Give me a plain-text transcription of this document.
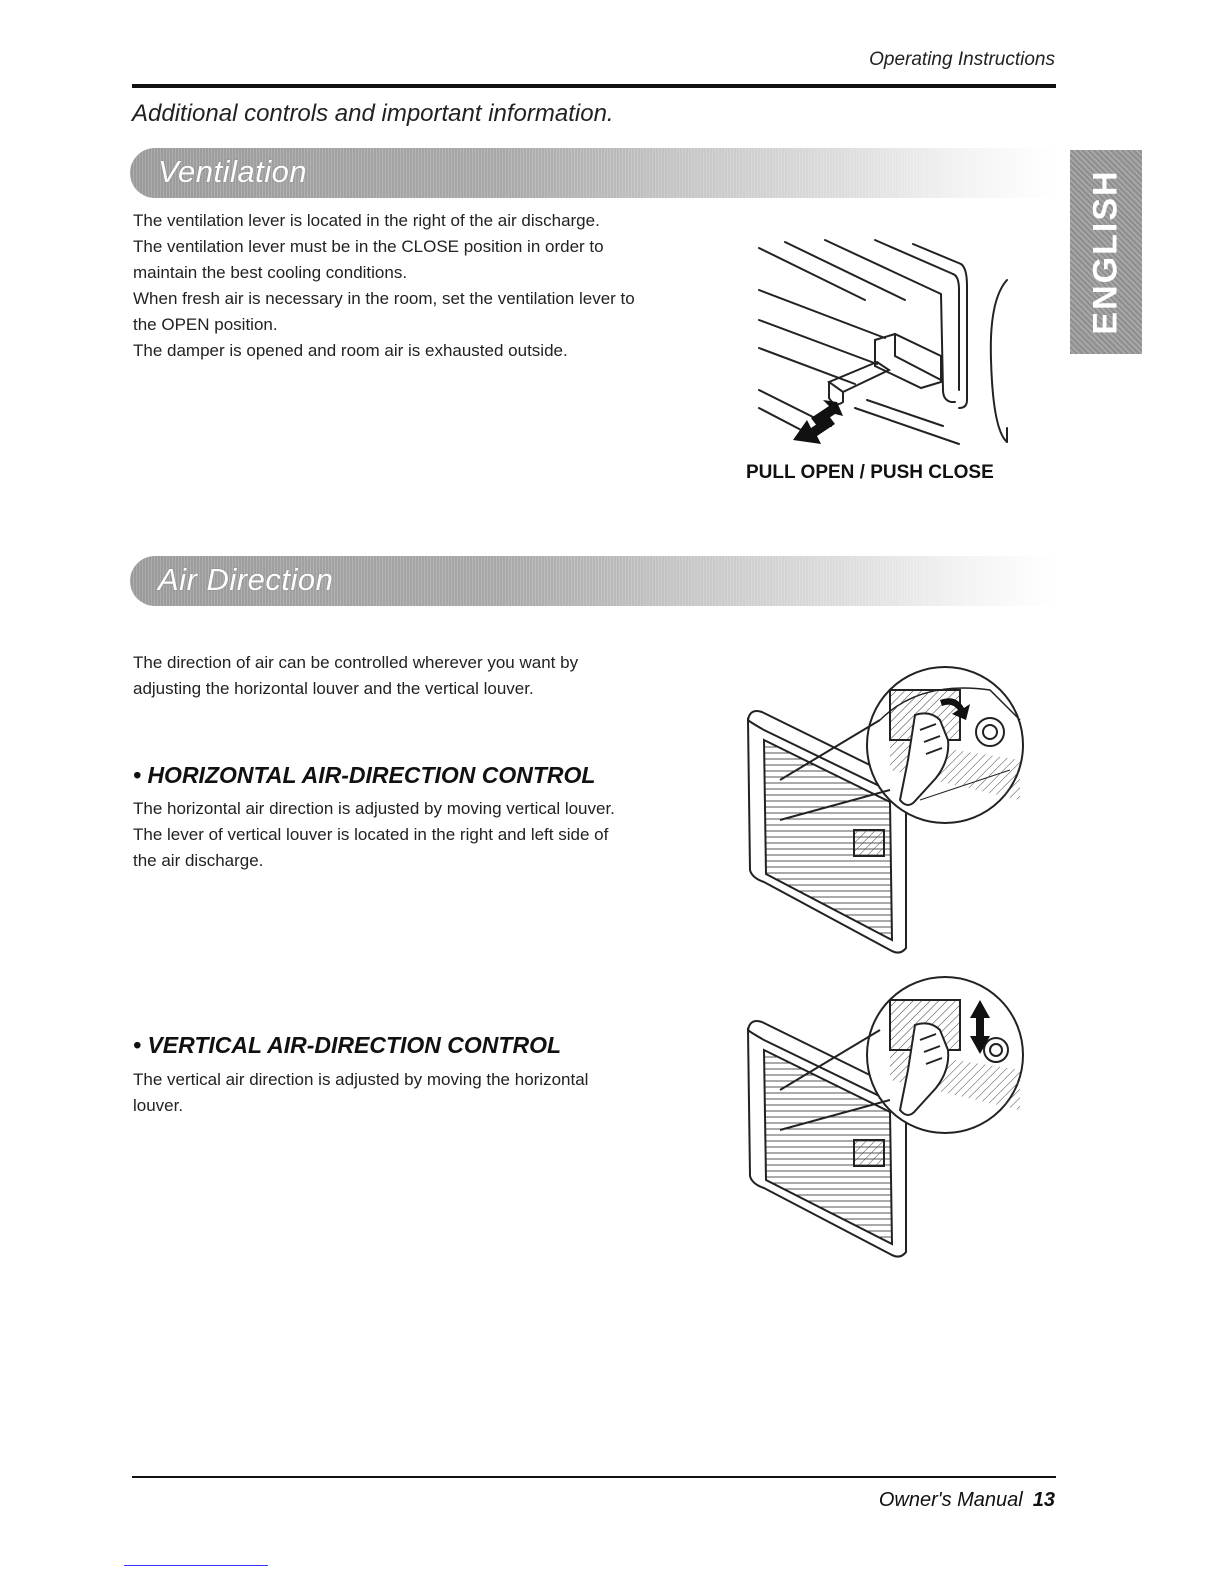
Operating Instructions
Additional controls and important information.
ENGLISH
Ventilation

The ventilation lever is located in the right of the air discharge.

The ventilation lever must be in the CLOSE position in order to

maintain the best cooling conditions.

When fresh air is necessary in the room, set the ventilation lever to

the OPEN position.

The damper is opened and room air is exhausted outside.

PULL OPEN / PUSH CLOSE
Air Direction

The direction of air can be controlled wherever you want by

adjusting the horizontal louver and the vertical louver.

• HORIZONTAL AIR-DIRECTION CONTROL

The horizontal air direction is adjusted by moving vertical louver.

The lever of vertical louver is located in the right and left side of

the air discharge.

• VERTICAL AIR-DIRECTION CONTROL

The vertical air direction is adjusted by moving the horizontal

louver.

Owner's Manual 13
